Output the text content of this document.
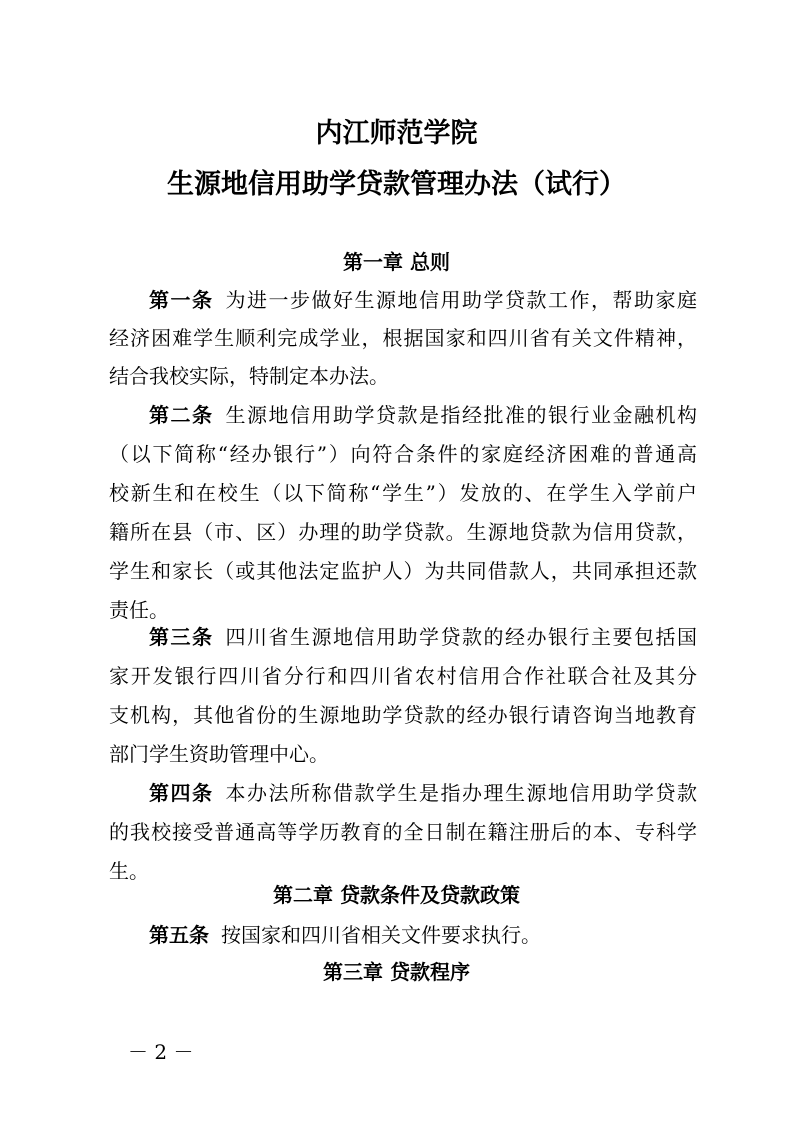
内江师范学院
生源地信用助学贷款管理办法（试行）
第一章 总则
第一条 为进一步做好生源地信用助学贷款工作，帮助家庭
经济困难学生顺利完成学业，根据国家和四川省有关文件精神，
结合我校实际，特制定本办法。
第二条 生源地信用助学贷款是指经批准的银行业金融机构
（以下简称“经办银行”）向符合条件的家庭经济困难的普通高
校新生和在校生（以下简称“学生”）发放的、在学生入学前户
籍所在县（市、区）办理的助学贷款。生源地贷款为信用贷款，
学生和家长（或其他法定监护人）为共同借款人，共同承担还款
责任。
第三条 四川省生源地信用助学贷款的经办银行主要包括国
家开发银行四川省分行和四川省农村信用合作社联合社及其分
支机构，其他省份的生源地助学贷款的经办银行请咨询当地教育
部门学生资助管理中心。
第四条 本办法所称借款学生是指办理生源地信用助学贷款
的我校接受普通高等学历教育的全日制在籍注册后的本、专科学
生。
第二章 贷款条件及贷款政策
第五条 按国家和四川省相关文件要求执行。
第三章 贷款程序
－ 2 －
